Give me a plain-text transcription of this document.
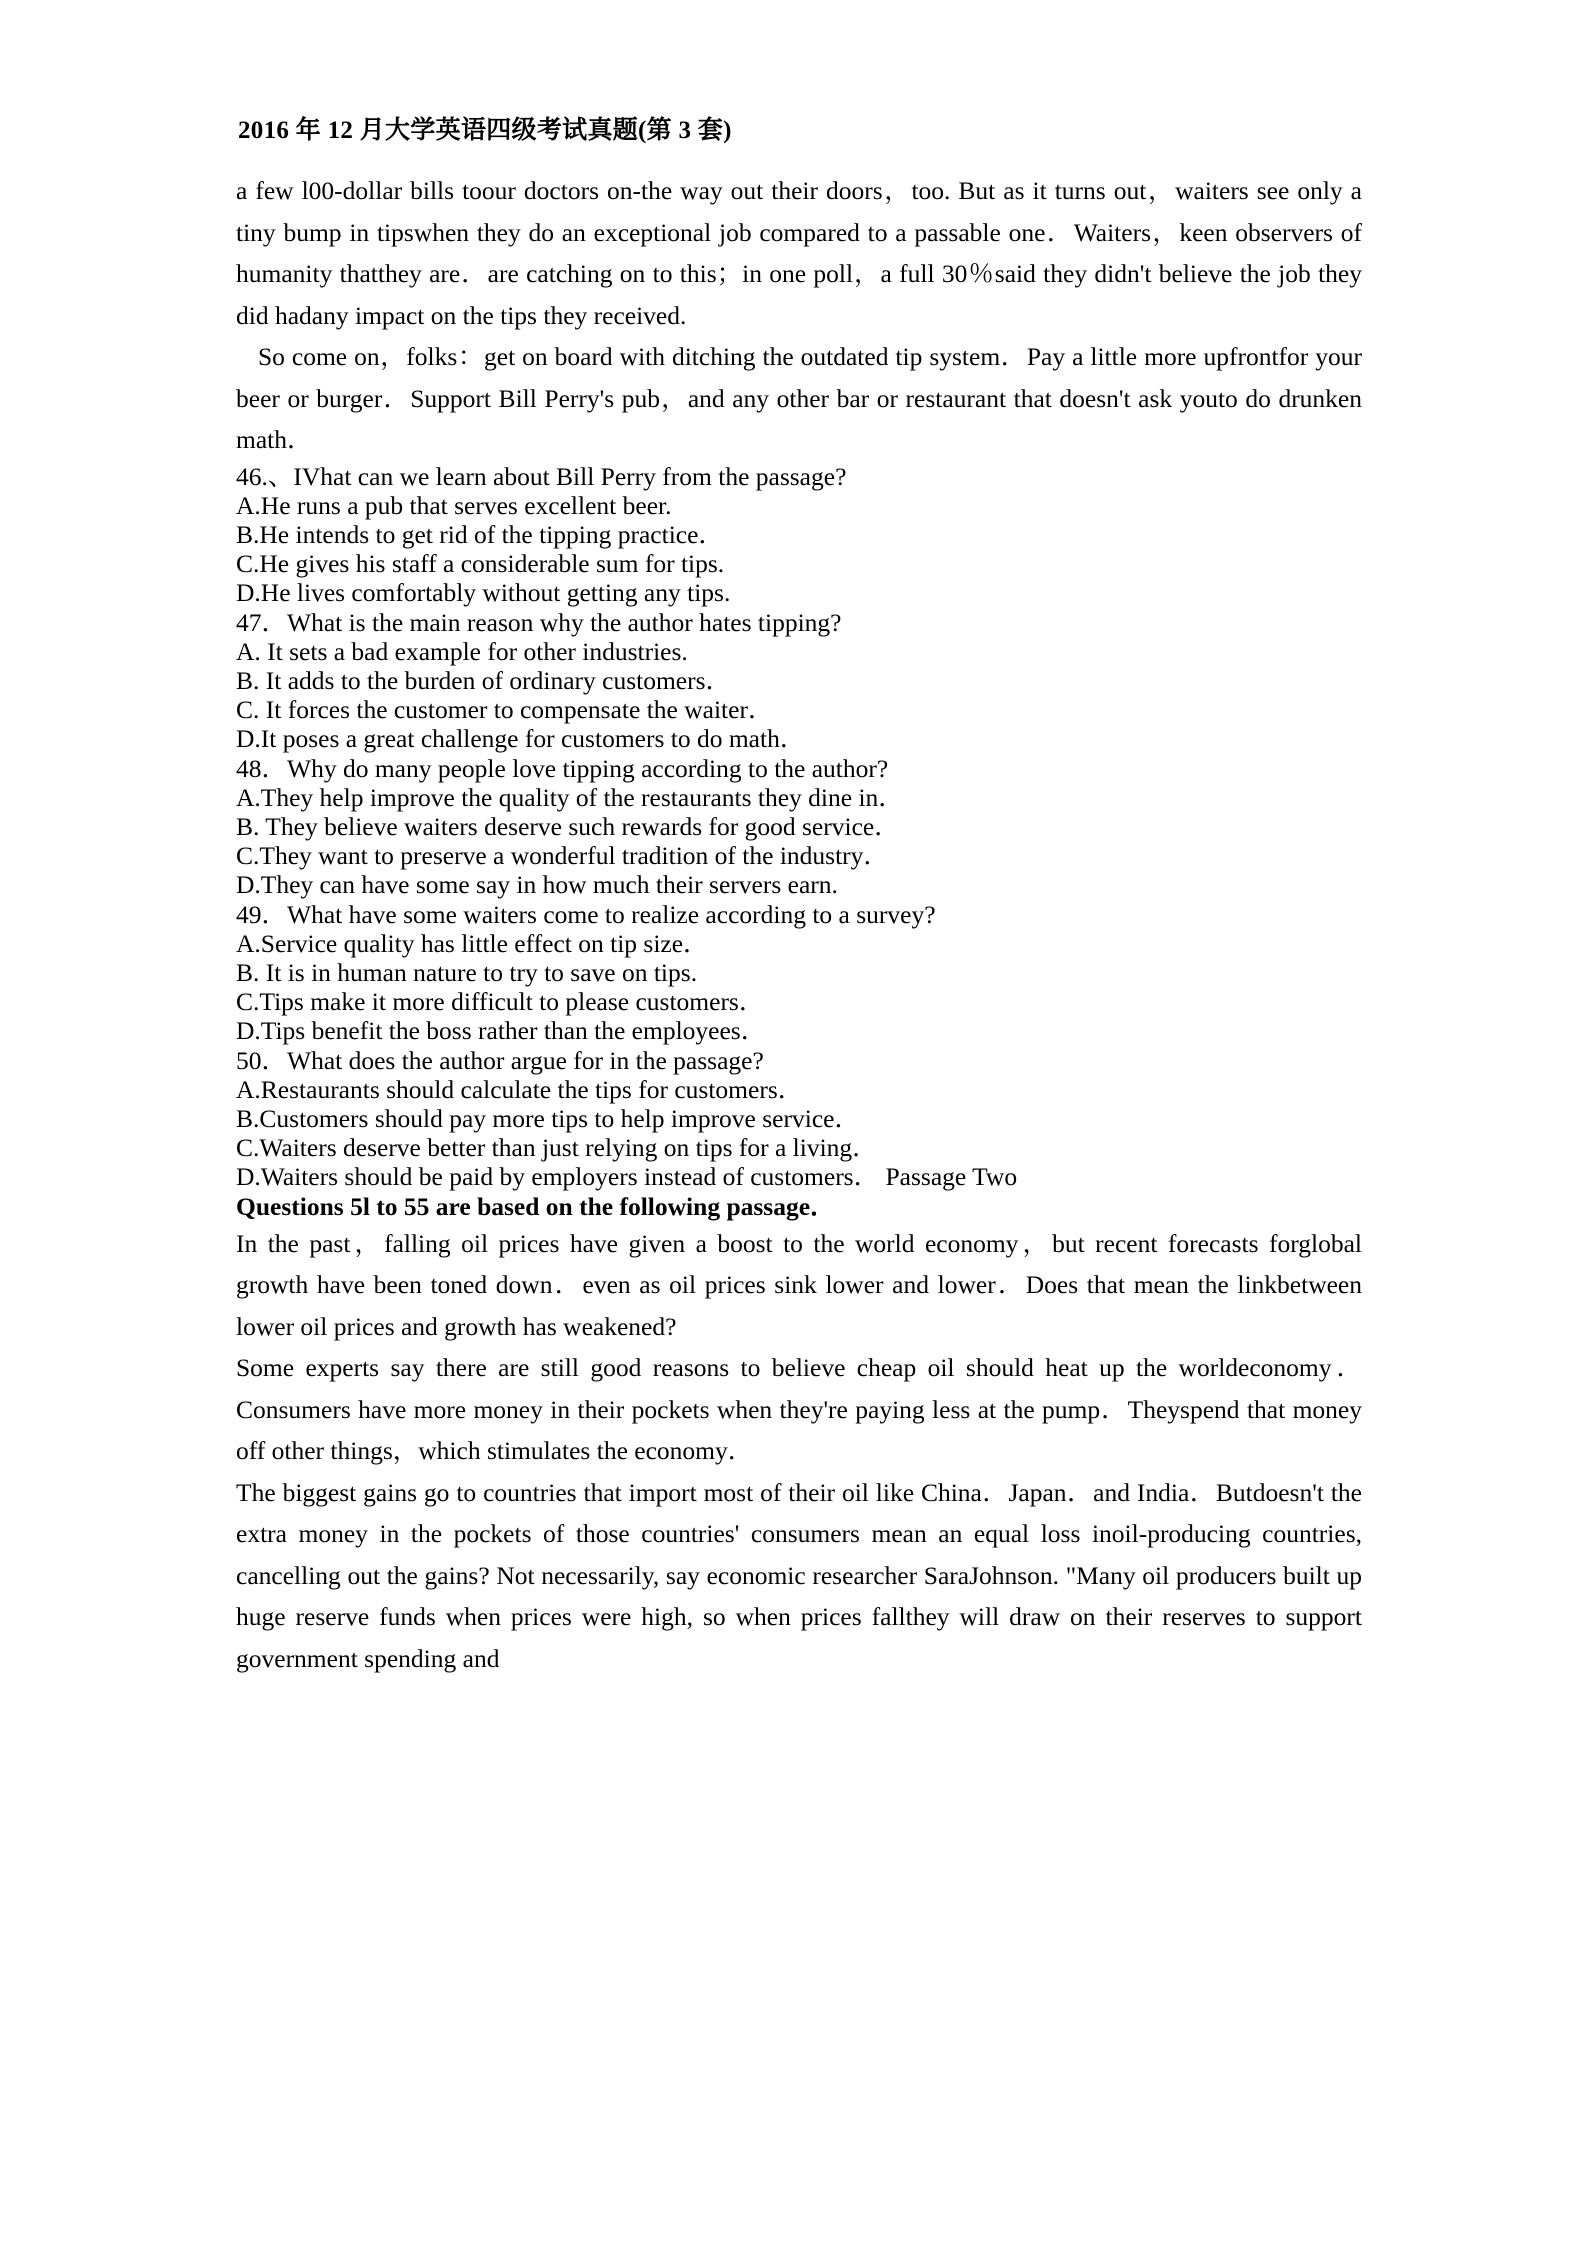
2016 年 12 月大学英语四级考试真题(第 3 套)

a few l00-dollar bills toour doctors on-the way out their doors，too. But as it turns out，waiters see only a tiny bump in tipswhen they do an exceptional job compared to a passable one．Waiters，keen observers of humanity thatthey are．are catching on to this；in one poll，a full 30％said they didn't believe the job they did hadany impact on the tips they received.

So come on，folks：get on board with ditching the outdated tip system．Pay a little more upfrontfor your beer or burger．Support Bill Perry's pub，and any other bar or restaurant that doesn't ask youto do drunken math．

46.、IVhat can we learn about Bill Perry from the passage?

A.He runs a pub that serves excellent beer.

B.He intends to get rid of the tipping practice．

C.He gives his staff a considerable sum for tips.

D.He lives comfortably without getting any tips.

47．What is the main reason why the author hates tipping?

A. It sets a bad example for other industries.

B. It adds to the burden of ordinary customers．

C. It forces the customer to compensate the waiter．

D.It poses a great challenge for customers to do math．

48．Why do many people love tipping according to the author?

A.They help improve the quality of the restaurants they dine in．

B. They believe waiters deserve such rewards for good service．

C.They want to preserve a wonderful tradition of the industry．

D.They can have some say in how much their servers earn.

49．What have some waiters come to realize according to a survey?

A.Service quality has little effect on tip size．

B. It is in human nature to try to save on tips.

C.Tips make it more difficult to please customers．

D.Tips benefit the boss rather than the employees．

50．What does the author argue for in the passage?

A.Restaurants should calculate the tips for customers．

B.Customers should pay more tips to help improve service．

C.Waiters deserve better than just relying on tips for a living．

D.Waiters should be paid by employers instead of customers． Passage Two

Questions 5l to 55 are based on the following passage．

In the past，falling oil prices have given a boost to the world economy，but recent forecasts forglobal growth have been toned down．even as oil prices sink lower and lower．Does that mean the linkbetween lower oil prices and growth has weakened?

Some experts say there are still good reasons to believe cheap oil should heat up the worldeconomy．Consumers have more money in their pockets when they're paying less at the pump．Theyspend that money off other things，which stimulates the economy．

The biggest gains go to countries that import most of their oil like China．Japan．and India．Butdoesn't the extra money in the pockets of those countries' consumers mean an equal loss inoil-producing countries, cancelling out the gains? Not necessarily, say economic researcher SaraJohnson. "Many oil producers built up huge reserve funds when prices were high, so when prices fallthey will draw on their reserves to support government spending and
